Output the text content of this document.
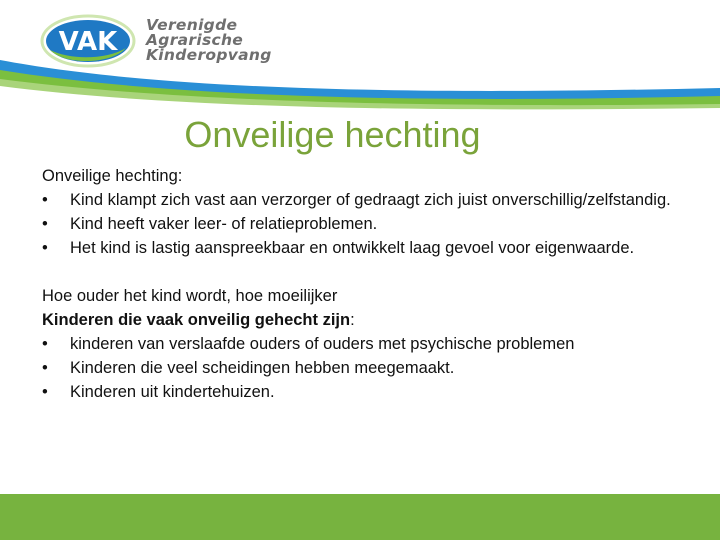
VAK
Verenigde
Agrarische
Kinderopvang
Onveilige hechting

Onveilige hechting:

• Kind klampt zich vast aan verzorger of gedraagt zich juist onverschillig/zelfstandig.
• Kind heeft vaker leer- of relatieproblemen.
• Het kind is lastig aanspreekbaar en ontwikkelt laag gevoel voor eigenwaarde.

Hoe ouder het kind wordt, hoe moeilijker

Kinderen die vaak onveilig gehecht zijn:

• kinderen van verslaafde ouders of ouders met psychische problemen
• Kinderen die veel scheidingen hebben meegemaakt.
• Kinderen uit kindertehuizen.
